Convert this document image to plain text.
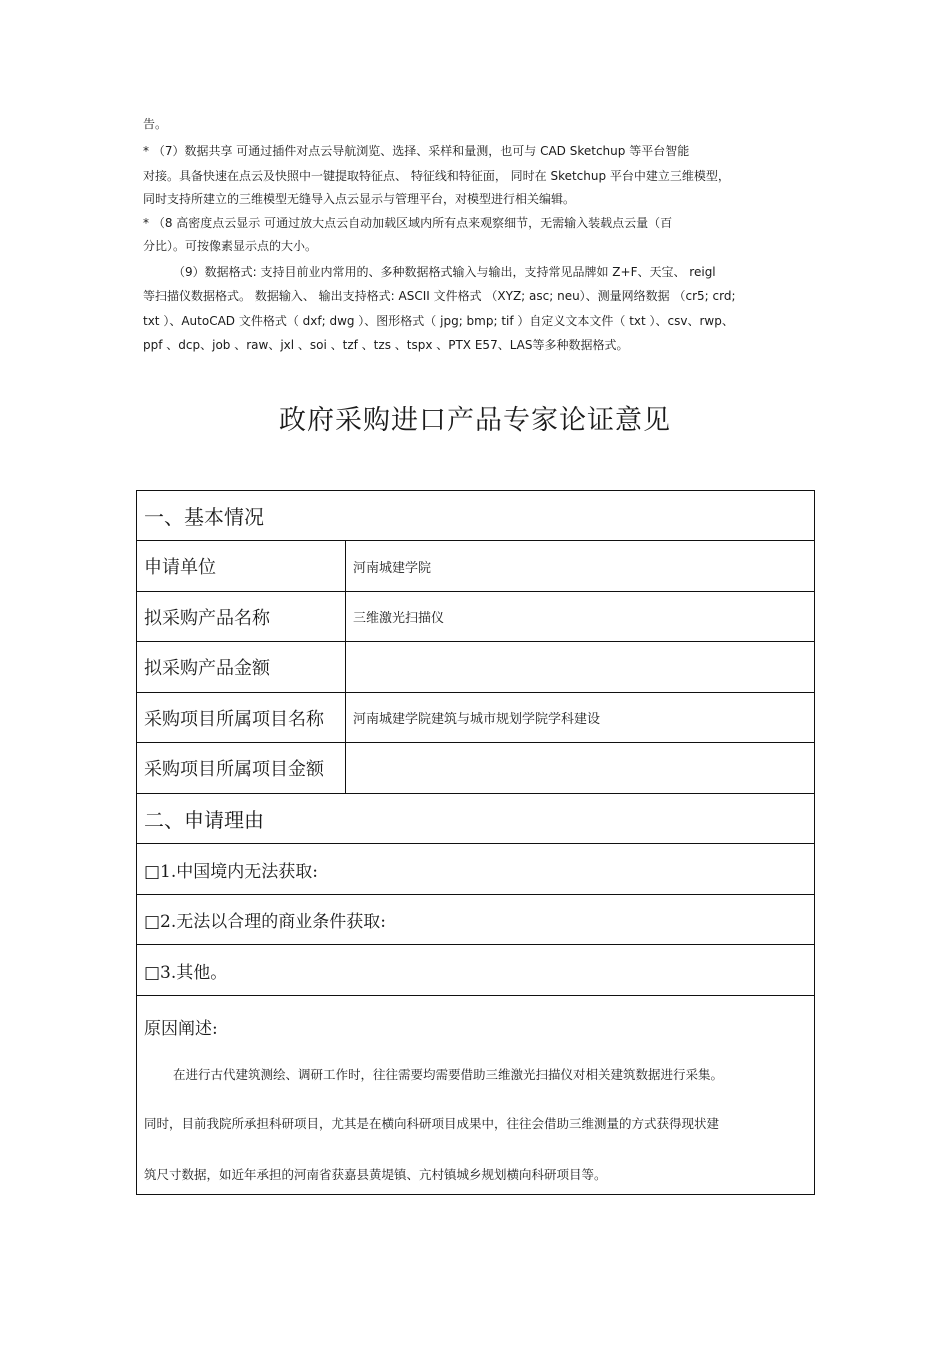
告。
* （7）数据共享 可通过插件对点云导航浏览、选择、采样和量测，也可与 CAD Sketchup 等平台智能
对接。具备快速在点云及快照中一键提取特征点、 特征线和特征面， 同时在 Sketchup 平台中建立三维模型，
同时支持所建立的三维模型无缝导入点云显示与管理平台，对模型进行相关编辑。
* （8 高密度点云显示 可通过放大点云自动加载区域内所有点来观察细节，无需输入装载点云量（百
分比）。可按像素显示点的大小。
（9）数据格式: 支持目前业内常用的、多种数据格式输入与输出，支持常见品牌如 Z+F、天宝、 reigl
等扫描仪数据格式。 数据输入、 输出支持格式: ASCII 文件格式 （XYZ; asc; neu）、测量网络数据 （cr5; crd;
txt ）、AutoCAD 文件格式（ dxf; dwg ）、图形格式（ jpg; bmp; tif ）自定义文本文件（ txt ）、csv、rwp、
ppf 、dcp、job 、raw、jxl 、soi 、tzf 、tzs 、tspx 、PTX E57、LAS等多种数据格式。
政府采购进口产品专家论证意见
一、基本情况	
申请单位	河南城建学院
拟采购产品名称	三维激光扫描仪
拟采购产品金额	
采购项目所属项目名称	河南城建学院建筑与城市规划学院学科建设
采购项目所属项目金额	
二、申请理由	
□1.中国境内无法获取:	
□2.无法以合理的商业条件获取:	
□3.其他。	

原因阐述:
在进行古代建筑测绘、调研工作时，往往需要均需要借助三维激光扫描仪对相关建筑数据进行采集。
同时，目前我院所承担科研项目，尤其是在横向科研项目成果中，往往会借助三维测量的方式获得现状建
筑尺寸数据，如近年承担的河南省获嘉县黄堤镇、亢村镇城乡规划横向科研项目等。	
